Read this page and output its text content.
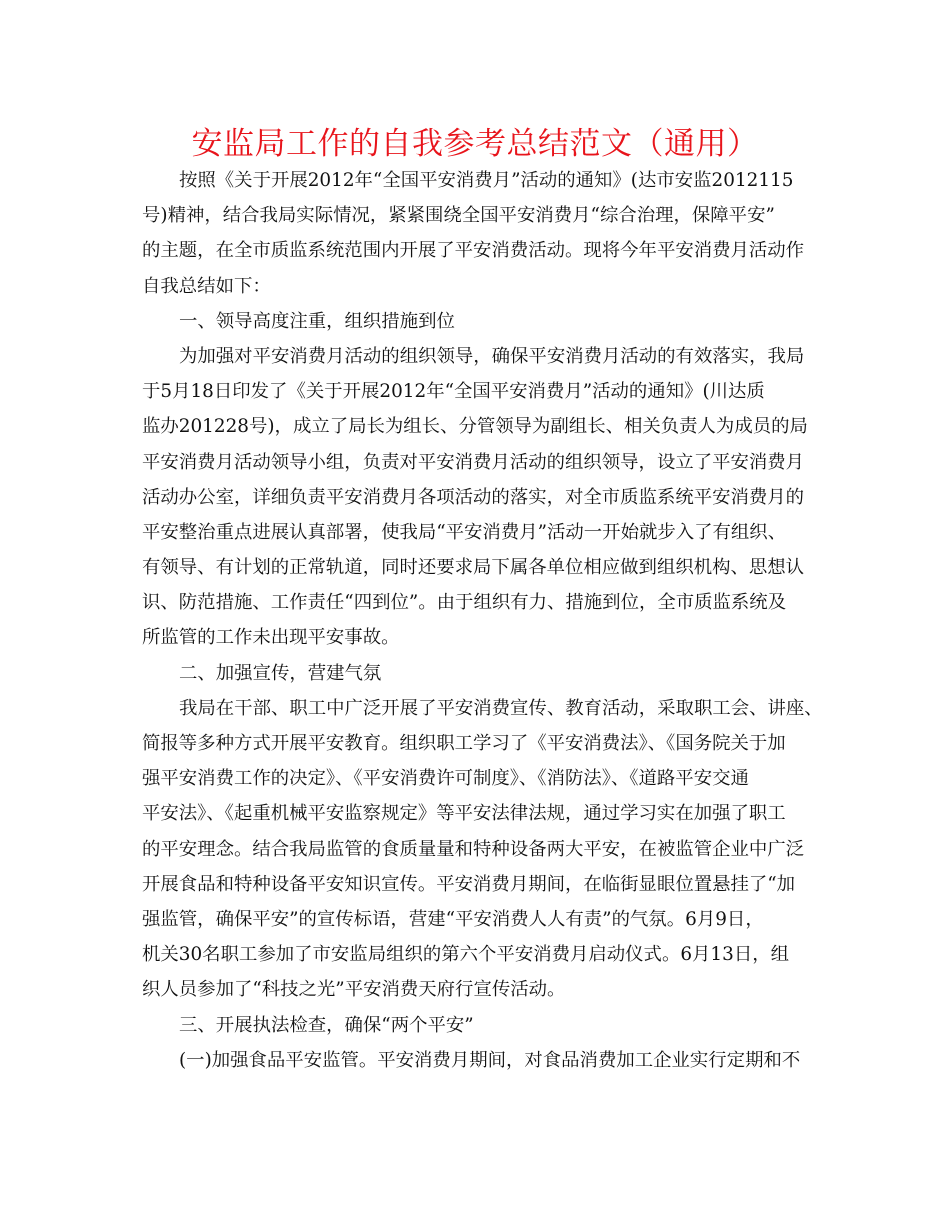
安监局工作的自我参考总结范文（通用）
按照《关于开展2012年“全国平安消费月”活动的通知》(达市安监2012115
号)精神，结合我局实际情况，紧紧围绕全国平安消费月“综合治理，保障平安”
的主题，在全市质监系统范围内开展了平安消费活动。现将今年平安消费月活动作
自我总结如下：
一、领导高度注重，组织措施到位
为加强对平安消费月活动的组织领导，确保平安消费月活动的有效落实，我局
于5月18日印发了《关于开展2012年“全国平安消费月”活动的通知》(川达质
监办201228号)，成立了局长为组长、分管领导为副组长、相关负责人为成员的局
平安消费月活动领导小组，负责对平安消费月活动的组织领导，设立了平安消费月
活动办公室，详细负责平安消费月各项活动的落实，对全市质监系统平安消费月的
平安整治重点进展认真部署，使我局“平安消费月”活动一开始就步入了有组织、
有领导、有计划的正常轨道，同时还要求局下属各单位相应做到组织机构、思想认
识、防范措施、工作责任“四到位”。由于组织有力、措施到位，全市质监系统及
所监管的工作未出现平安事故。
二、加强宣传，营建气氛
我局在干部、职工中广泛开展了平安消费宣传、教育活动，采取职工会、讲座、
简报等多种方式开展平安教育。组织职工学习了《平安消费法》、《国务院关于加
强平安消费工作的决定》、《平安消费许可制度》、《消防法》、《道路平安交通
平安法》、《起重机械平安监察规定》等平安法律法规，通过学习实在加强了职工
的平安理念。结合我局监管的食质量量和特种设备两大平安，在被监管企业中广泛
开展食品和特种设备平安知识宣传。平安消费月期间，在临街显眼位置悬挂了“加
强监管，确保平安”的宣传标语，营建“平安消费人人有责”的气氛。6月9日，
机关30名职工参加了市安监局组织的第六个平安消费月启动仪式。6月13日，组
织人员参加了“科技之光”平安消费天府行宣传活动。
三、开展执法检查，确保“两个平安”
(一)加强食品平安监管。平安消费月期间，对食品消费加工企业实行定期和不
